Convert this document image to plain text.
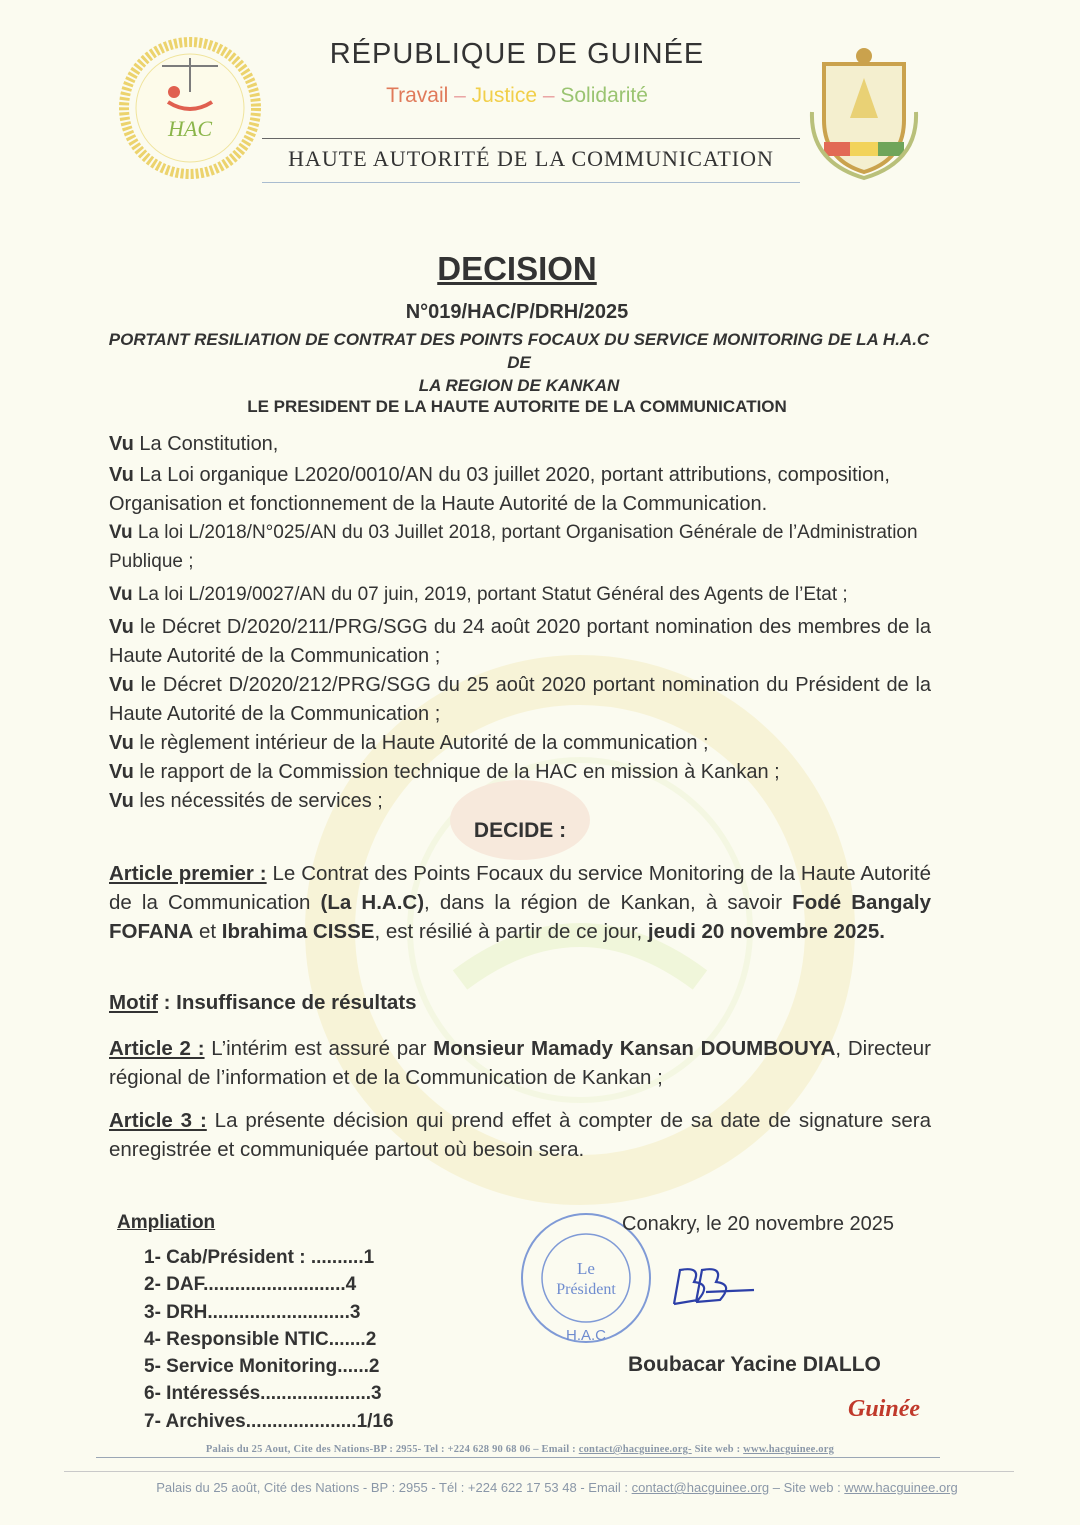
HAC
RÉPUBLIQUE DE GUINÉE
Travail – Justice – Solidarité
HAUTE AUTORITÉ DE LA COMMUNICATION
DECISION
N°019/HAC/P/DRH/2025
PORTANT RESILIATION DE CONTRAT DES POINTS FOCAUX DU SERVICE MONITORING DE LA H.A.C DE
LA REGION DE KANKAN
LE PRESIDENT DE LA HAUTE AUTORITE DE LA COMMUNICATION
Vu La Constitution,
Vu La Loi organique L2020/0010/AN du 03 juillet 2020, portant attributions, composition, Organisation et fonctionnement de la Haute Autorité de la Communication.
Vu La loi L/2018/N°025/AN du 03 Juillet 2018, portant Organisation Générale de l’Administration Publique ;
Vu La loi L/2019/0027/AN du 07 juin, 2019, portant Statut Général des Agents de l’Etat ;
Vu le Décret D/2020/211/PRG/SGG du 24 août 2020 portant nomination des membres de la Haute Autorité de la Communication ;
Vu le Décret D/2020/212/PRG/SGG du 25 août 2020 portant nomination du Président de la Haute Autorité de la Communication ;
Vu le règlement intérieur de la Haute Autorité de la communication ;
Vu le rapport de la Commission technique de la HAC en mission à Kankan ;
Vu les nécessités de services ;
DECIDE :
Article premier : Le Contrat des Points Focaux du service Monitoring de la Haute Autorité de la Communication (La H.A.C), dans la région de Kankan, à savoir Fodé Bangaly FOFANA et Ibrahima CISSE, est résilié à partir de ce jour, jeudi 20 novembre 2025.
Motif : Insuffisance de résultats
Article 2 : L’intérim est assuré par Monsieur Mamady Kansan DOUMBOUYA, Directeur régional de l’information et de la Communication de Kankan ;
Article 3 : La présente décision qui prend effet à compter de sa date de signature sera enregistrée et communiquée partout où besoin sera.
Ampliation
1- Cab/Président : ..........1
2- DAF...........................4
3- DRH...........................3
4- Responsible NTIC.......2
5- Service Monitoring......2
6- Intéressés.....................3
7- Archives.....................1/16
Le
Président
H.A.C
Conakry, le 20 novembre 2025
Boubacar Yacine DIALLO
Guinée
Palais du 25 Aout, Cite des Nations-BP : 2955- Tel : +224 628 90 68 06 – Email : contact@hacguinee.org- Site web : www.hacguinee.org
Palais du 25 août, Cité des Nations - BP : 2955 - Tél : +224 622 17 53 48 - Email : contact@hacguinee.org – Site web : www.hacguinee.org
